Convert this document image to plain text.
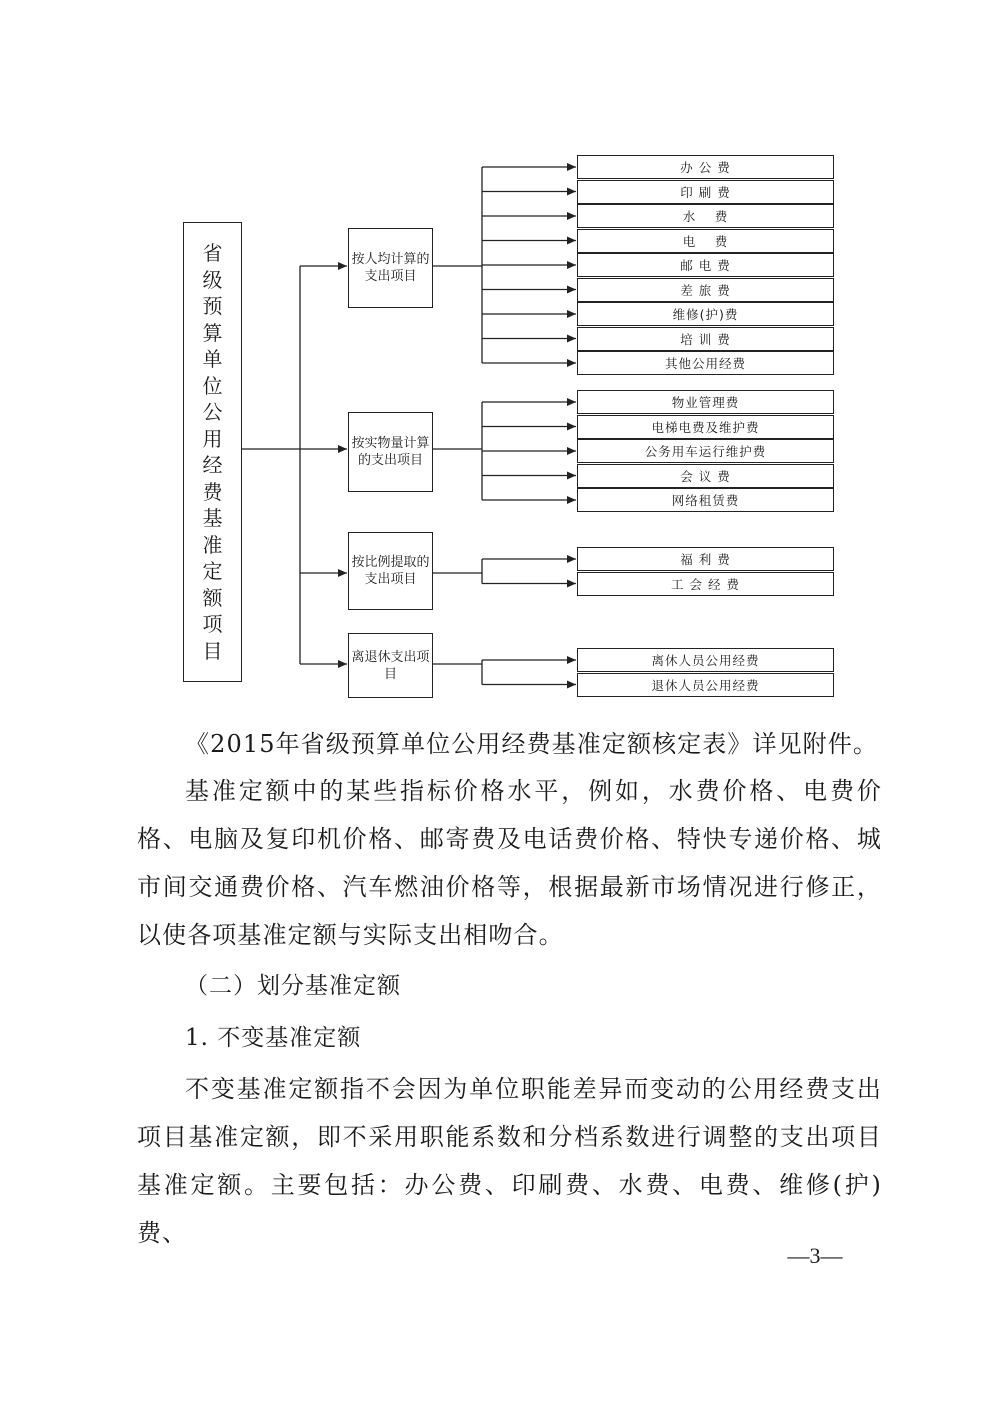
省
级
预
算
单
位
公
用
经
费
基
准
定
额
项
目
按人均计算的支出项目
按实物量计算的支出项目
按比例提取的支出项目
离退休支出项目
办 公 费
印 刷 费
水　 费
电　 费
邮 电 费
差 旅 费
维修(护)费
培 训 费
其他公用经费
物业管理费
电梯电费及维护费
公务用车运行维护费
会 议 费
网络租赁费
福 利 费
工 会 经 费
离休人员公用经费
退休人员公用经费

《2015年省级预算单位公用经费基准定额核定表》详见附件。

基准定额中的某些指标价格水平，例如，水费价格、电费价格、电脑及复印机价格、邮寄费及电话费价格、特快专递价格、城市间交通费价格、汽车燃油价格等，根据最新市场情况进行修正，以使各项基准定额与实际支出相吻合。

（二）划分基准定额

1. 不变基准定额

不变基准定额指不会因为单位职能差异而变动的公用经费支出项目基准定额，即不采用职能系数和分档系数进行调整的支出项目基准定额。主要包括：办公费、印刷费、水费、电费、维修(护)费、

—3—
